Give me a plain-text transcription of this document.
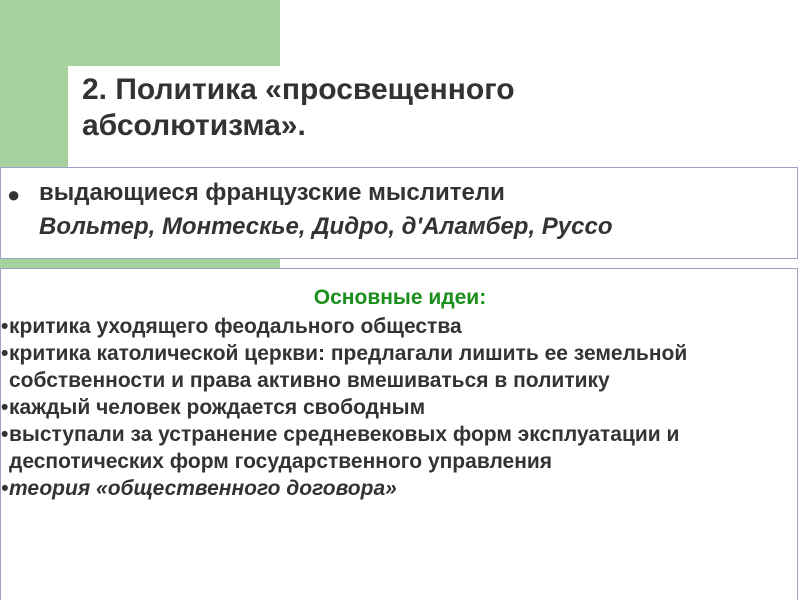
2. Политика «просвещенного
абсолютизма».
● выдающиеся французские мыслители
Вольтер, Монтескье, Дидро, д'Аламбер, Руссо
Основные идеи:
• критика уходящего феодального общества
• критика католической церкви: предлагали лишить ее земельной собственности и права активно вмешиваться в политику
• каждый человек рождается свободным
• выступали за устранение средневековых форм эксплуатации и деспотических форм государственного управления
• теория «общественного договора»
